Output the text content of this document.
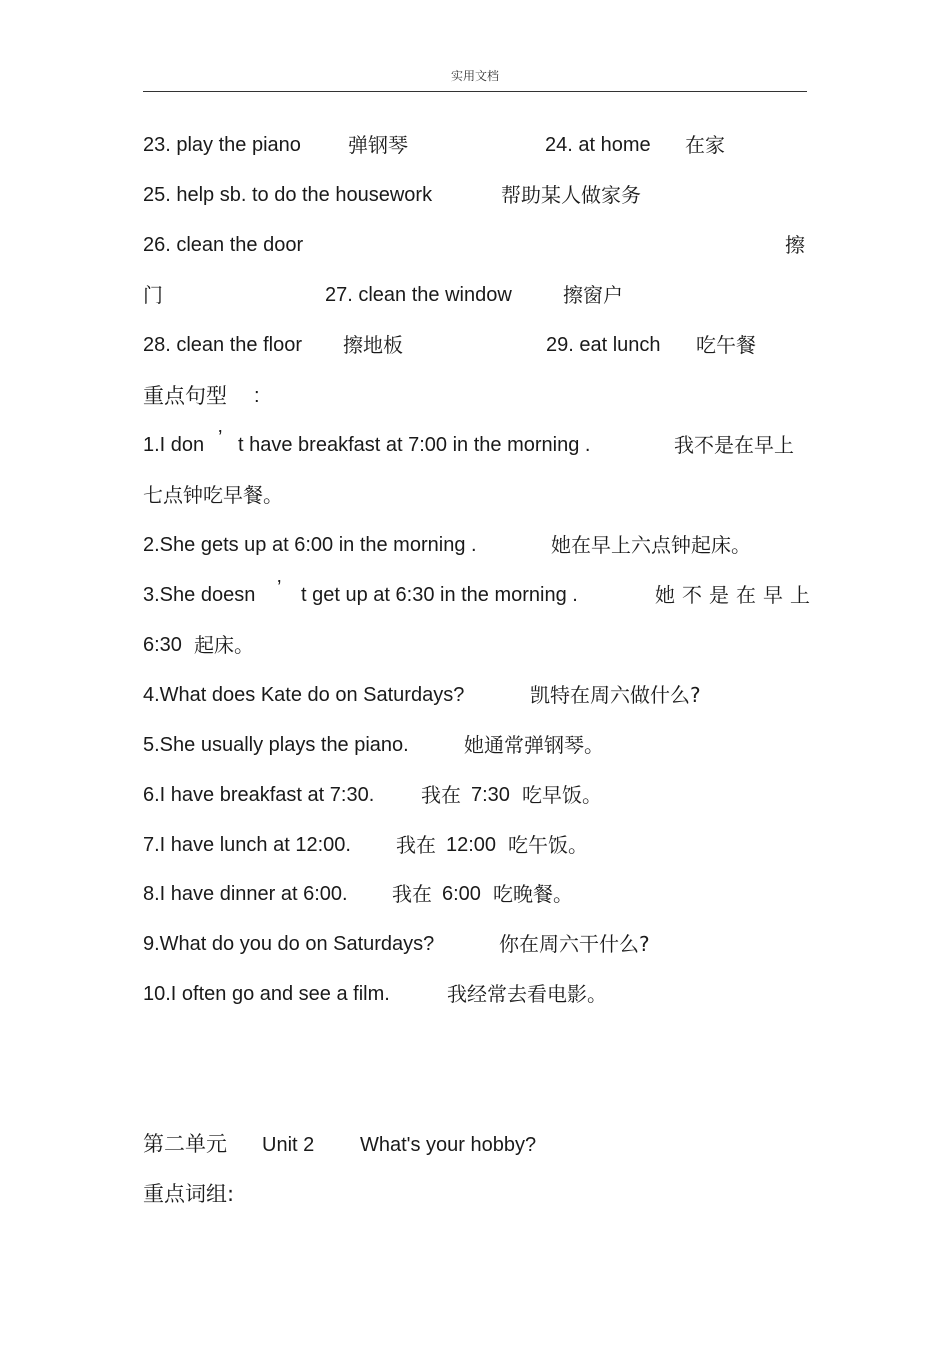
实用文档
23. play the piano 弹钢琴	24. at home 在家
25. help sb. to do the housework	帮助某人做家务
26. clean the door	擦
门	27. clean the window	擦窗户
28. clean the floor 擦地板	29. eat lunch 吃午餐
重点句型 :
1.I don ’ t have breakfast at 7:00 in the morning .	我不是在早上
七点钟吃早餐。
2.She gets up at 6:00 in the morning .	她在早上六点钟起床。
3.She doesn ’ t get up at 6:30 in the morning .	她不是在早上
6:30 起床。
4.What does Kate do on Saturdays?	凯特在周六做什么?
5.She usually plays the piano.	她通常弹钢琴。
6.I have breakfast at 7:30. 我在 7:30 吃早饭。
7.I have lunch at 12:00. 我在 12:00 吃午饭。
8.I have dinner at 6:00. 我在 6:00 吃晚餐。
9.What do you do on Saturdays?	你在周六干什么?
10.I often go and see a film.	我经常去看电影。
第二单元 Unit 2 What's your hobby?
重点词组:
